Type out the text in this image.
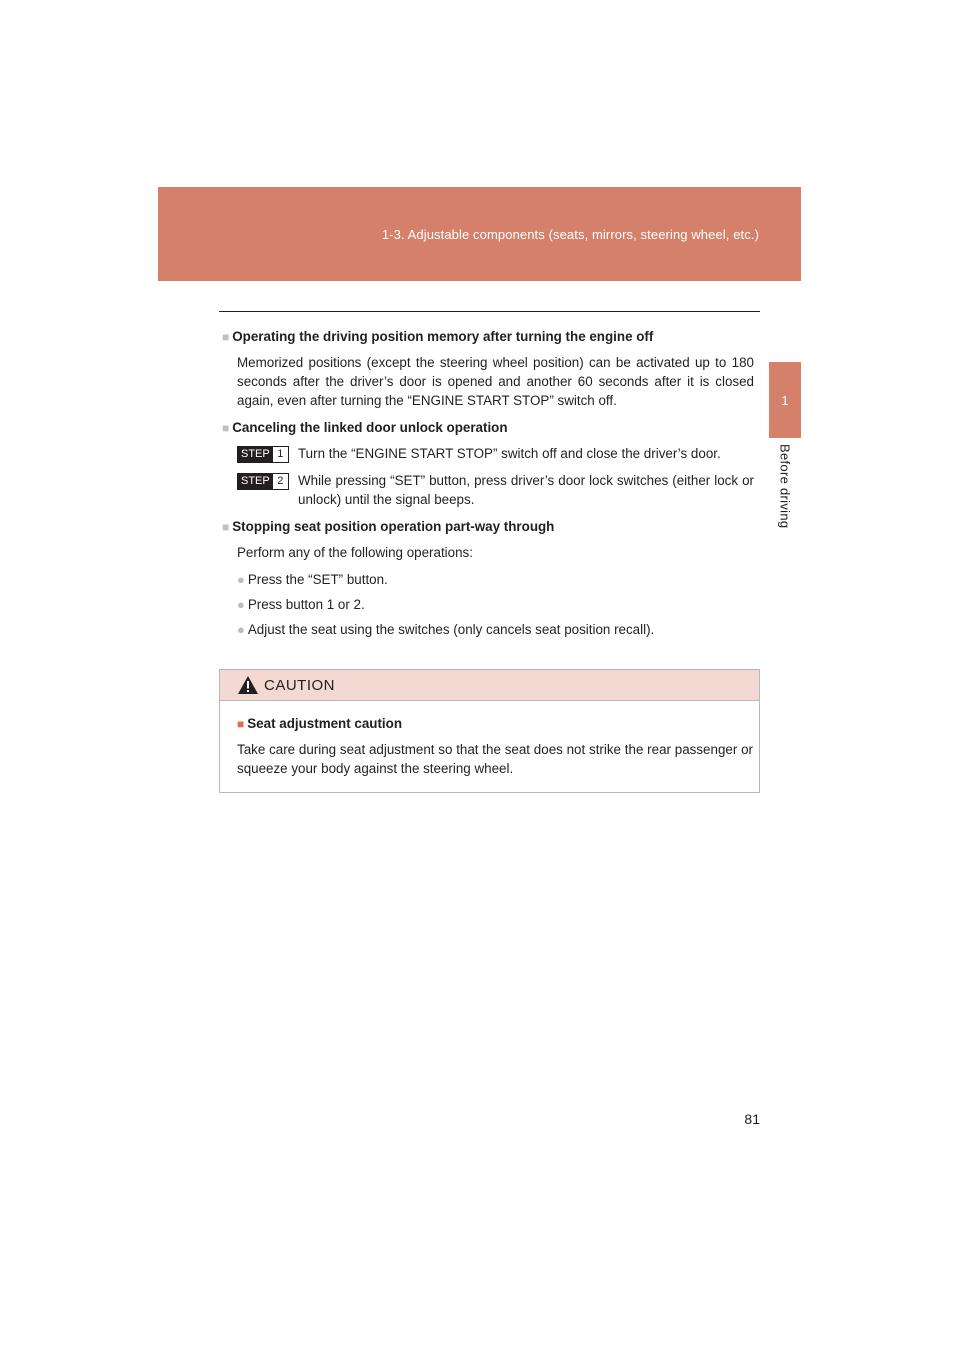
1-3. Adjustable components (seats, mirrors, steering wheel, etc.)
1
Before driving
■ Operating the driving position memory after turning the engine off
Memorized positions (except the steering wheel position) can be activated up to 180 seconds after the driver’s door is opened and another 60 seconds after it is closed again, even after turning the “ENGINE START STOP” switch off.
■ Canceling the linked door unlock operation
STEP 1	Turn the “ENGINE START STOP” switch off and close the driver’s door.
STEP 2	While pressing “SET” button, press driver’s door lock switches (either lock or unlock) until the signal beeps.
■ Stopping seat position operation part-way through
Perform any of the following operations:
● Press the “SET” button.
● Press button 1 or 2.
● Adjust the seat using the switches (only cancels seat position recall).
CAUTION
■ Seat adjustment caution
Take care during seat adjustment so that the seat does not strike the rear passenger or squeeze your body against the steering wheel.
81
